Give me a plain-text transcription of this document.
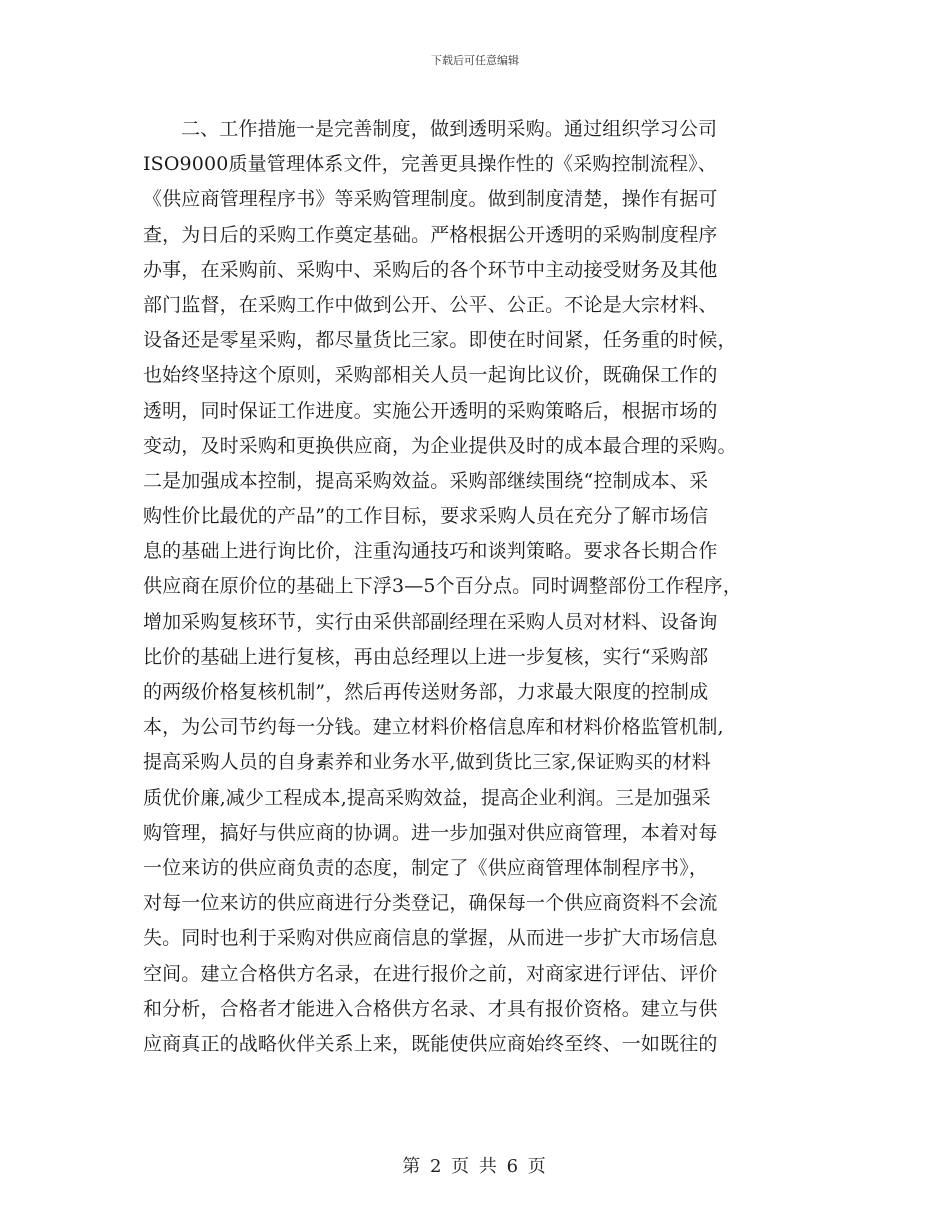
下载后可任意编辑
二、工作措施一是完善制度，做到透明采购。通过组织学习公司
ISO9000质量管理体系文件，完善更具操作性的《采购控制流程》、
《供应商管理程序书》等采购管理制度。做到制度清楚，操作有据可
查，为日后的采购工作奠定基础。严格根据公开透明的采购制度程序
办事，在采购前、采购中、采购后的各个环节中主动接受财务及其他
部门监督，在采购工作中做到公开、公平、公正。不论是大宗材料、
设备还是零星采购，都尽量货比三家。即使在时间紧，任务重的时候，
也始终坚持这个原则，采购部相关人员一起询比议价，既确保工作的
透明，同时保证工作进度。实施公开透明的采购策略后，根据市场的
变动，及时采购和更换供应商，为企业提供及时的成本最合理的采购。
二是加强成本控制，提高采购效益。采购部继续围绕“控制成本、采
购性价比最优的产品”的工作目标，要求采购人员在充分了解市场信
息的基础上进行询比价，注重沟通技巧和谈判策略。要求各长期合作
供应商在原价位的基础上下浮3—5个百分点。同时调整部份工作程序，
增加采购复核环节，实行由采供部副经理在采购人员对材料、设备询
比价的基础上进行复核，再由总经理以上进一步复核，实行“采购部
的两级价格复核机制”，然后再传送财务部，力求最大限度的控制成
本，为公司节约每一分钱。建立材料价格信息库和材料价格监管机制,
提高采购人员的自身素养和业务水平,做到货比三家,保证购买的材料
质优价廉,减少工程成本,提高采购效益，提高企业利润。三是加强采
购管理，搞好与供应商的协调。进一步加强对供应商管理，本着对每
一位来访的供应商负责的态度，制定了《供应商管理体制程序书》，
对每一位来访的供应商进行分类登记，确保每一个供应商资料不会流
失。同时也利于采购对供应商信息的掌握，从而进一步扩大市场信息
空间。建立合格供方名录，在进行报价之前，对商家进行评估、评价
和分析，合格者才能进入合格供方名录、才具有报价资格。建立与供
应商真正的战略伙伴关系上来，既能使供应商始终至终、一如既往的
第 2 页 共 6 页
